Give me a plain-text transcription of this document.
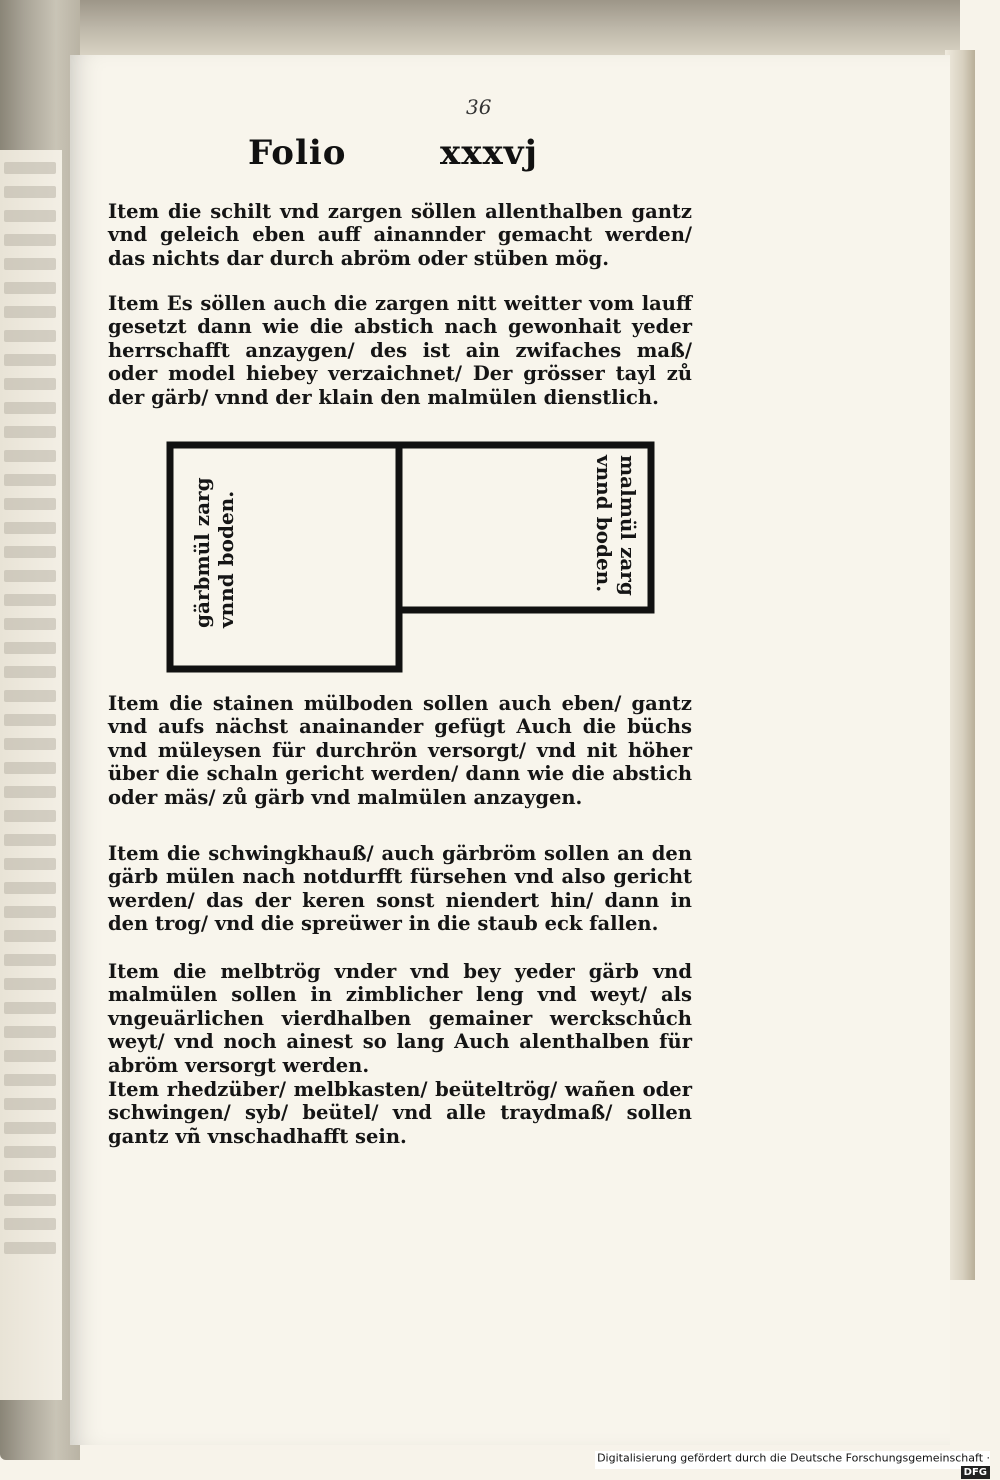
36
Folio	xxxvj

Item die schilt vnd zargen söllen allenthalben gantz vnd geleich eben auff ainannder gemacht werden/ das nichts dar durch abröm oder stüben mög.

Item Es söllen auch die zargen nitt weitter vom lauff gesetzt dann wie die abstich nach gewonhait yeder herrschafft anzaygen/ des ist ain zwifaches maß/ oder model hiebey verzaichnet/ Der grösser tayl zů der gärb/ vnnd der klain den malmülen dienstlich.

gärbmül zarg vnnd boden.	malmül zarg
vnnd boden.

Item die stainen mülboden sollen auch eben/ gantz vnd aufs nächst anainander gefügt Auch die büchs vnd müleysen für durchrön versorgt/ vnd nit höher über die schaln gericht werden/ dann wie die abstich oder mäs/ zů gärb vnd malmülen anzaygen.

Item die schwingkhauß/ auch gärbröm sollen an den gärb mülen nach notdurfft fürsehen vnd also gericht werden/ das der keren sonst niendert hin/ dann in den trog/ vnd die spreüwer in die staub eck fallen.

Item die melbtrög vnder vnd bey yeder gärb vnd malmülen sollen in zimblicher leng vnd weyt/ als vngeuärlichen vierdhalben gemainer werckschůch weyt/ vnd noch ainest so lang Auch alenthalben für abröm versorgt werden.

Item rhedzüber/ melbkasten/ beüteltrög/ wañen oder schwingen/ syb/ beütel/ vnd alle traydmaß/ sollen gantz vñ vnschadhafft sein.

Digitalisierung gefördert durch die Deutsche Forschungsgemeinschaft ·DFG
